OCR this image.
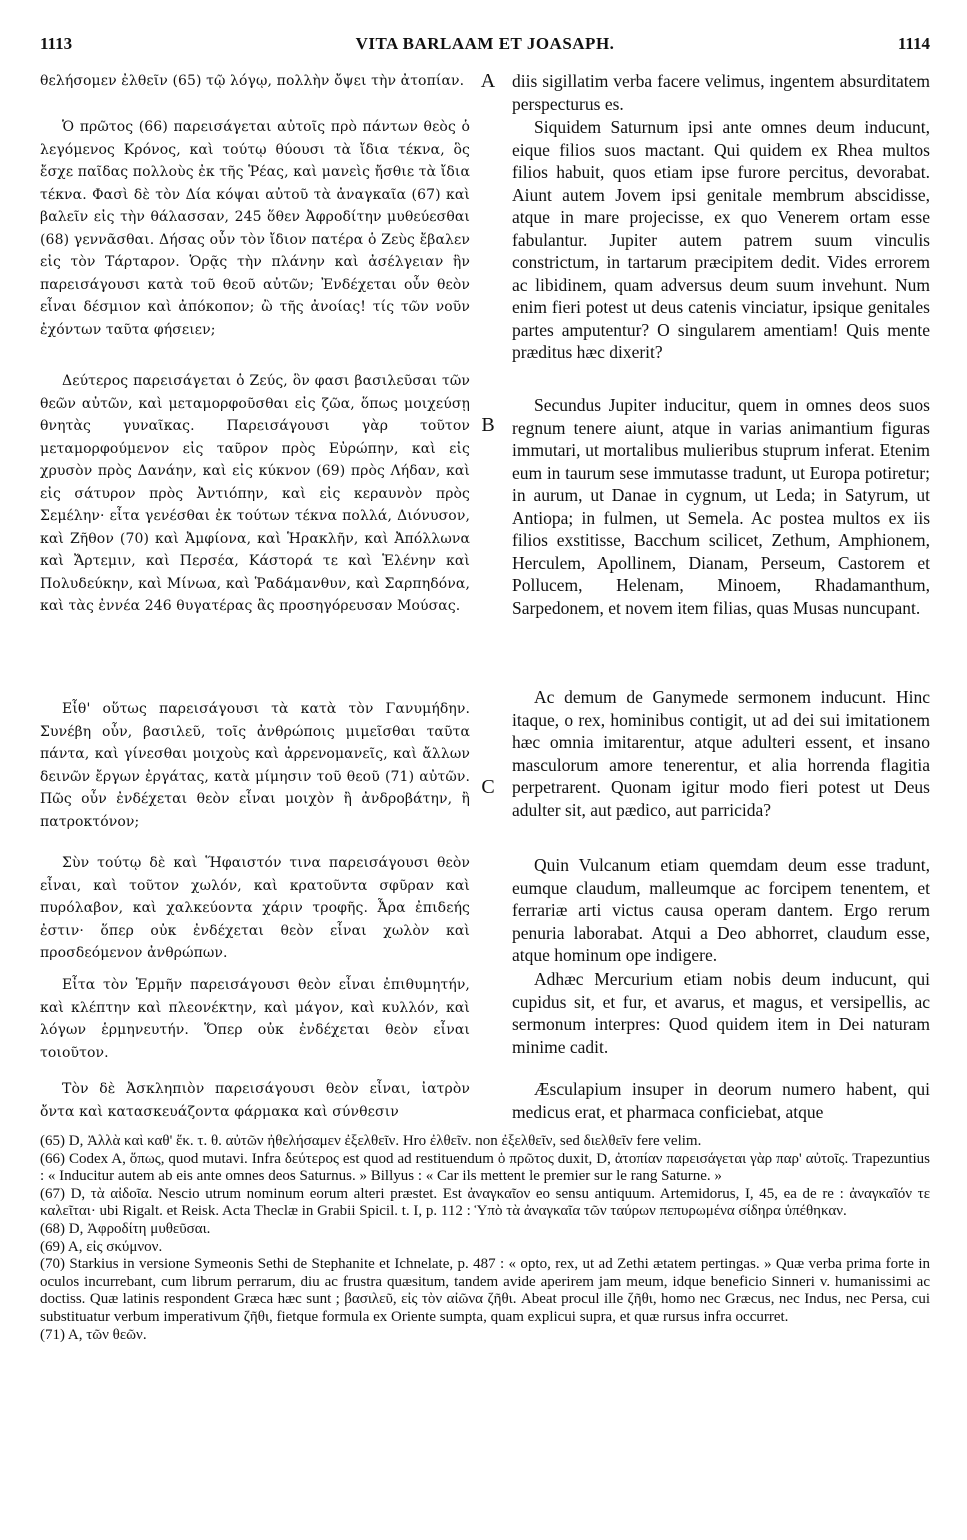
1113	VITA BARLAAM ET JOASAPH.	1114

θελήσομεν ἐλθεῖν (65) τῷ λόγῳ, πολλὴν ὄψει τὴν ἀτοπίαν.

Ὁ πρῶτος (66) παρεισάγεται αὐτοῖς πρὸ πάντων θεὸς ὁ λεγόμενος Κρόνος, καὶ τούτῳ θύουσι τὰ ἴδια τέκνα, ὃς ἔσχε παῖδας πολλοὺς ἐκ τῆς Ῥέας, καὶ μανεὶς ἤσθιε τὰ ἴδια τέκνα. Φασὶ δὲ τὸν Δία κόψαι αὐτοῦ τὰ ἀναγκαῖα (67) καὶ βαλεῖν εἰς τὴν θάλασσαν, 245 ὅθεν Ἀφροδίτην μυθεύεσθαι (68) γεννᾶσθαι. Δήσας οὖν τὸν ἴδιον πατέρα ὁ Ζεὺς ἔβαλεν εἰς τὸν Τάρταρον. Ὁρᾷς τὴν πλάνην καὶ ἀσέλγειαν ἣν παρεισάγουσι κατὰ τοῦ θεοῦ αὐτῶν; Ἐνδέχεται οὖν θεὸν εἶναι δέσμιον καὶ ἀπόκοπον; ὢ τῆς ἀνοίας! τίς τῶν νοῦν ἐχόντων ταῦτα φήσειεν;

Δεύτερος παρεισάγεται ὁ Ζεύς, ὃν φασι βασιλεῦσαι τῶν θεῶν αὐτῶν, καὶ μεταμορφοῦσθαι εἰς ζῶα, ὅπως μοιχεύσῃ θνητὰς γυναῖκας. Παρεισάγουσι γὰρ τοῦτον μεταμορφούμενον εἰς ταῦρον πρὸς Εὐρώπην, καὶ εἰς χρυσὸν πρὸς Δανάην, καὶ εἰς κύκνον (69) πρὸς Λήδαν, καὶ εἰς σάτυρον πρὸς Ἀντιόπην, καὶ εἰς κεραυνὸν πρὸς Σεμέλην· εἶτα γενέσθαι ἐκ τούτων τέκνα πολλά, Διόνυσον, καὶ Ζῆθον (70) καὶ Ἀμφίονα, καὶ Ἡρακλῆν, καὶ Ἀπόλλωνα καὶ Ἄρτεμιν, καὶ Περσέα, Κάστορά τε καὶ Ἑλένην καὶ Πολυδεύκην, καὶ Μίνωα, καὶ Ῥαδάμανθυν, καὶ Σαρπηδόνα, καὶ τὰς ἐννέα 246 θυγατέρας ἃς προσηγόρευσαν Μούσας.

Εἶθ' οὕτως παρεισάγουσι τὰ κατὰ τὸν Γανυμήδην. Συνέβη οὖν, βασιλεῦ, τοῖς ἀνθρώποις μιμεῖσθαι ταῦτα πάντα, καὶ γίνεσθαι μοιχοὺς καὶ ἀρρενομανεῖς, καὶ ἄλλων δεινῶν ἔργων ἐργάτας, κατὰ μίμησιν τοῦ θεοῦ (71) αὐτῶν. Πῶς οὖν ἐνδέχεται θεὸν εἶναι μοιχὸν ἢ ἀνδροβάτην, ἢ πατροκτόνον;

Σὺν τούτῳ δὲ καὶ Ἥφαιστόν τινα παρεισάγουσι θεὸν εἶναι, καὶ τοῦτον χωλόν, καὶ κρατοῦντα σφῦραν καὶ πυρόλαβον, καὶ χαλκεύοντα χάριν τροφῆς. Ἆρα ἐπιδεής ἐστιν· ὅπερ οὐκ ἐνδέχεται θεὸν εἶναι χωλὸν καὶ προσδεόμενον ἀνθρώπων.

Εἶτα τὸν Ἑρμῆν παρεισάγουσι θεὸν εἶναι ἐπιθυμητήν, καὶ κλέπτην καὶ πλεονέκτην, καὶ μάγον, καὶ κυλλόν, καὶ λόγων ἑρμηνευτήν. Ὅπερ οὐκ ἐνδέχεται θεὸν εἶναι τοιοῦτον.

Τὸν δὲ Ἀσκληπιὸν παρεισάγουσι θεὸν εἶναι, ἰατρὸν ὄντα καὶ κατασκευάζοντα φάρμακα καὶ σύνθεσιν

A
B
C

diis sigillatim verba facere velimus, ingentem absurditatem perspecturus es.

Siquidem Saturnum ipsi ante omnes deum inducunt, eique filios suos mactant. Qui quidem ex Rhea multos filios habuit, quos etiam ipse furore percitus, devorabat. Aiunt autem Jovem ipsi genitale membrum abscidisse, atque in mare projecisse, ex quo Venerem ortam esse fabulantur. Jupiter autem patrem suum vinculis constrictum, in tartarum præcipitem dedit. Vides errorem ac libidinem, quam adversus deum suum invehunt. Num enim fieri potest ut deus catenis vinciatur, ipsique genitales partes amputentur? O singularem amentiam! Quis mente præditus hæc dixerit?

Secundus Jupiter inducitur, quem in omnes deos suos regnum tenere aiunt, atque in varias animantium figuras immutari, ut mortalibus mulieribus stuprum inferat. Etenim eum in taurum sese immutasse tradunt, ut Europa potiretur; in aurum, ut Danae in cygnum, ut Leda; in Satyrum, ut Antiopa; in fulmen, ut Semela. Ac postea multos ex iis filios exstitisse, Bacchum scilicet, Zethum, Amphionem, Herculem, Apollinem, Dianam, Perseum, Castorem et Pollucem, Helenam, Minoem, Rhadamanthum, Sarpedonem, et novem item filias, quas Musas nuncupant.

Ac demum de Ganymede sermonem inducunt. Hinc itaque, o rex, hominibus contigit, ut ad dei sui imitationem hæc omnia imitarentur, atque adulteri essent, et insano masculorum amore tenerentur, et alia horrenda flagitia perpetrarent. Quonam igitur modo fieri potest ut Deus adulter sit, aut pædico, aut parricida?

Quin Vulcanum etiam quemdam deum esse tradunt, eumque claudum, malleumque ac forcipem tenentem, et ferrariæ arti victus causa operam dantem. Ergo rerum penuria laborabat. Atqui a Deo abhorret, claudum esse, atque hominum ope indigere.

Adhæc Mercurium etiam nobis deum inducunt, qui cupidus sit, et fur, et avarus, et magus, et versipellis, ac sermonum interpres: Quod quidem item in Dei naturam minime cadit.

Æsculapium insuper in deorum numero habent, qui medicus erat, et pharmaca conficiebat, atque

(65) D, Ἀλλὰ καὶ καθ' ἕκ. τ. θ. αὐτῶν ἠθελήσαμεν ἐξελθεῖν. Hro ἐλθεῖν. non ἐξελθεῖν, sed διελθεῖν fere velim.

(66) Codex A, ὅπως, quod mutavi. Infra δεύτερος est quod ad restituendum ὁ πρῶτος duxit, D, ἀτοπίαν παρεισάγεται γὰρ παρ' αὐτοῖς. Trapezuntius : « Inducitur autem ab eis ante omnes deos Saturnus. » Billyus : « Car ils mettent le premier sur le rang Saturne. »

(67) D, τὰ αἰδοῖα. Nescio utrum nominum eorum alteri præstet. Est ἀναγκαῖον eo sensu antiquum. Artemidorus, I, 45, ea de re : ἀναγκαῖόν τε καλεῖται· ubi Rigalt. et Reisk. Acta Theclæ in Grabii Spicil. t. I, p. 112 : Ὑπὸ τὰ ἀναγκαῖα τῶν ταύρων πεπυρωμένα σίδηρα ὑπέθηκαν.

(68) D, Ἀφροδίτη μυθεῦσαι.

(69) A, εἰς σκύμνον.

(70) Starkius in versione Symeonis Sethi de Stephanite et Ichnelate, p. 487 : « opto, rex, ut ad Zethi ætatem pertingas. » Quæ verba prima forte in oculos incurrebant, cum librum perrarum, diu ac frustra quæsitum, tandem avide aperirem jam meum, idque beneficio Sinneri v. humanissimi ac doctiss. Quæ latinis respondent Græca hæc sunt ; βασιλεῦ, εἰς τὸν αἰῶνα ζῆθι. Abeat procul ille ζῆθι, homo nec Græcus, nec Indus, nec Persa, cui substituatur verbum imperativum ζῆθι, fietque formula ex Oriente sumpta, quam explicui supra, et quæ rursus infra occurret.

(71) A, τῶν θεῶν.
